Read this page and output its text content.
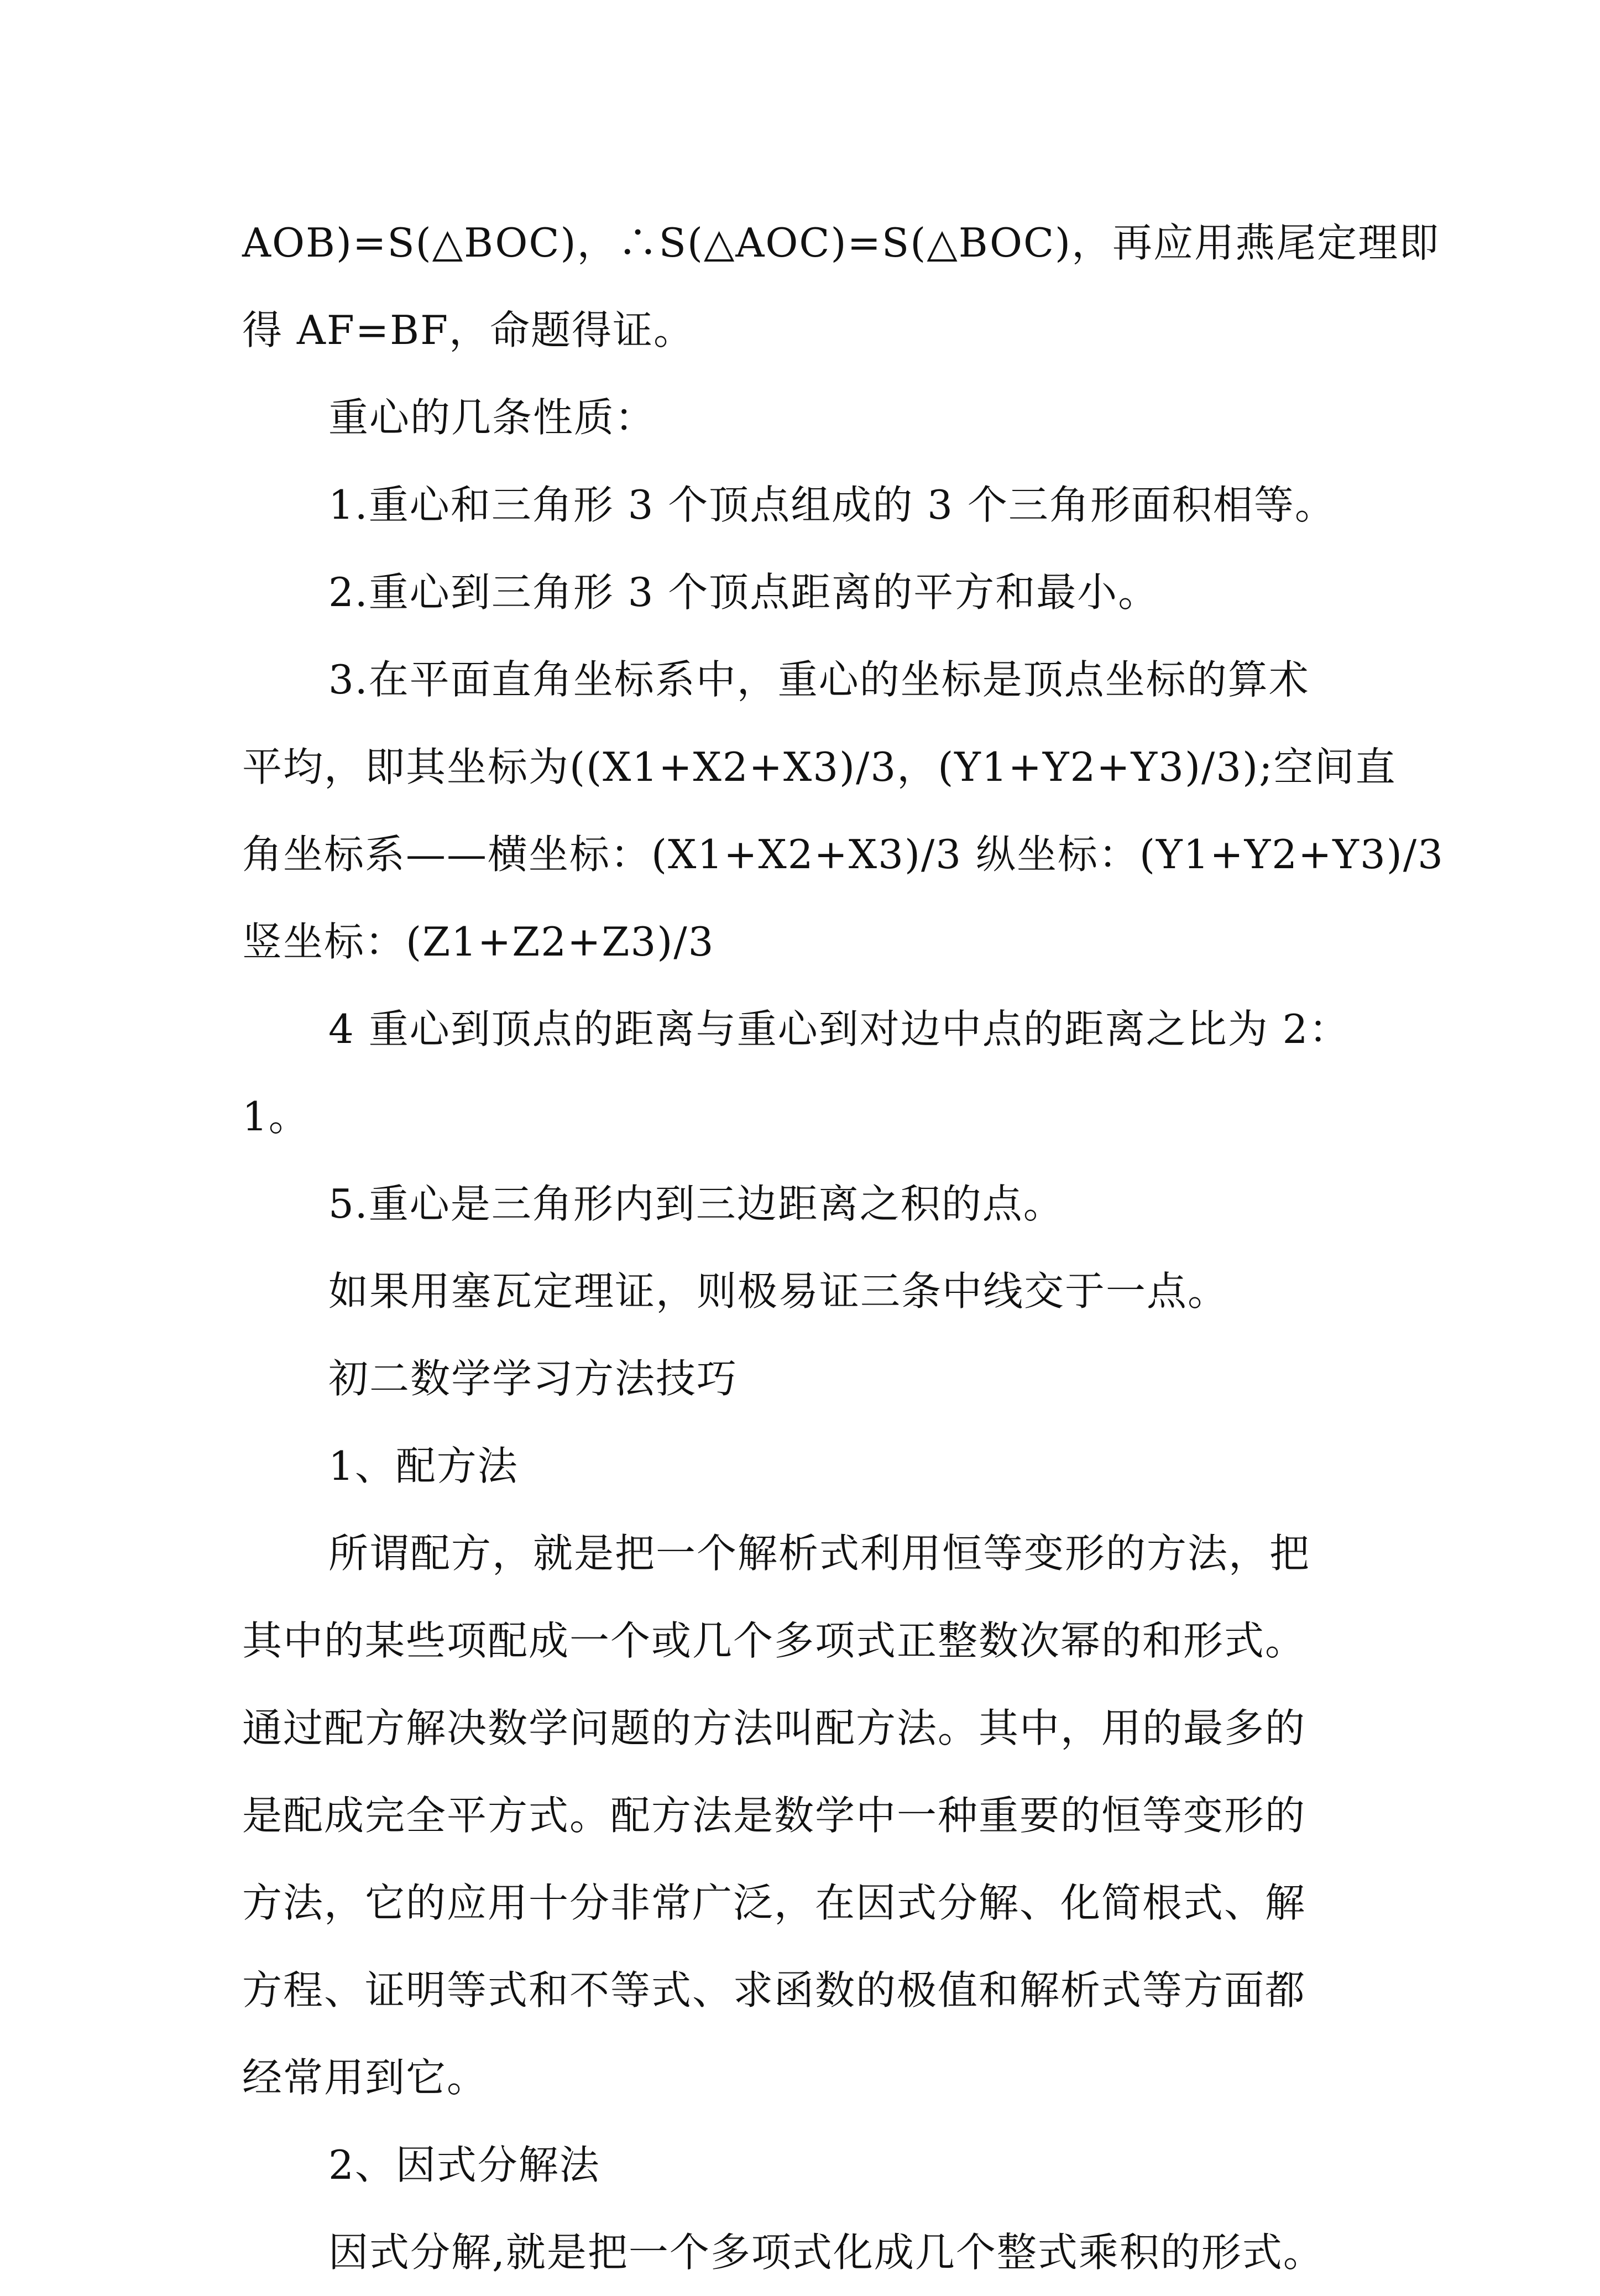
AOB)=S(△BOC)，∴S(△AOC)=S(△BOC)，再应用燕尾定理即
得 AF=BF，命题得证。
重心的几条性质：
1.重心和三角形 3 个顶点组成的 3 个三角形面积相等。
2.重心到三角形 3 个顶点距离的平方和最小。
3.在平面直角坐标系中，重心的坐标是顶点坐标的算术
平均，即其坐标为((X1+X2+X3)/3，(Y1+Y2+Y3)/3);空间直
角坐标系——横坐标：(X1+X2+X3)/3 纵坐标：(Y1+Y2+Y3)/3
竖坐标：(Z1+Z2+Z3)/3
4 重心到顶点的距离与重心到对边中点的距离之比为 2：
1。
5.重心是三角形内到三边距离之积的点。
如果用塞瓦定理证，则极易证三条中线交于一点。
初二数学学习方法技巧
1、配方法
所谓配方，就是把一个解析式利用恒等变形的方法，把
其中的某些项配成一个或几个多项式正整数次幂的和形式。
通过配方解决数学问题的方法叫配方法。其中，用的最多的
是配成完全平方式。配方法是数学中一种重要的恒等变形的
方法，它的应用十分非常广泛，在因式分解、化简根式、解
方程、证明等式和不等式、求函数的极值和解析式等方面都
经常用到它。
2、因式分解法
因式分解,就是把一个多项式化成几个整式乘积的形式。
